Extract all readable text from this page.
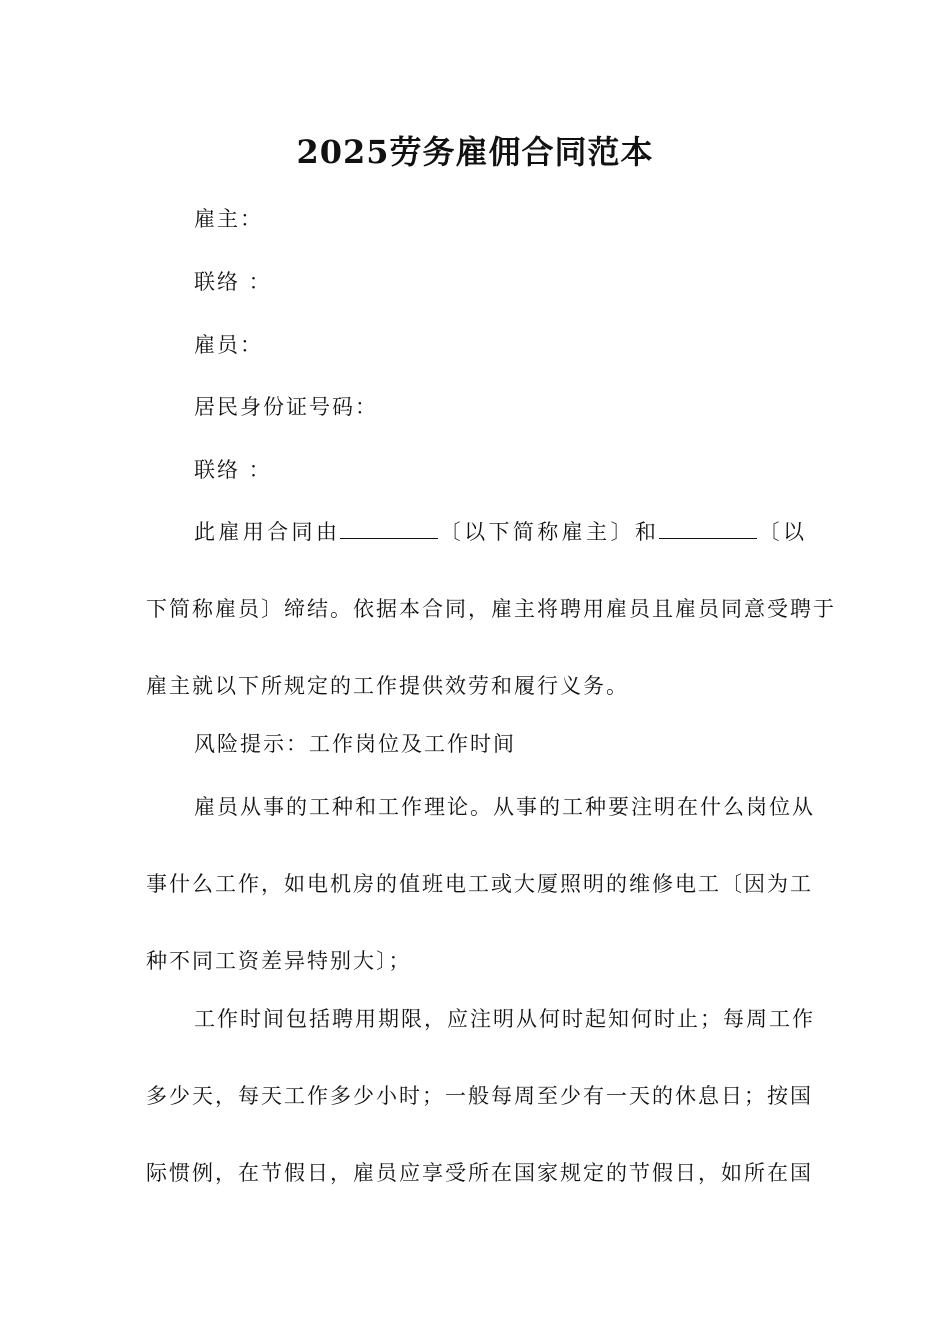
2025劳务雇佣合同范本
雇主：
联络 ：
雇员：
居民身份证号码：
联络 ：
此雇用合同由	〔以下简称雇主〕和	〔以
下简称雇员〕缔结。依据本合同，雇主将聘用雇员且雇员同意受聘于
雇主就以下所规定的工作提供效劳和履行义务。
风险提示：工作岗位及工作时间
雇员从事的工种和工作理论。从事的工种要注明在什么岗位从
事什么工作，如电机房的值班电工或大厦照明的维修电工〔因为工
种不同工资差异特别大〕；
工作时间包括聘用期限，应注明从何时起知何时止；每周工作
多少天，每天工作多少小时；一般每周至少有一天的休息日；按国
际惯例，在节假日，雇员应享受所在国家规定的节假日，如所在国
